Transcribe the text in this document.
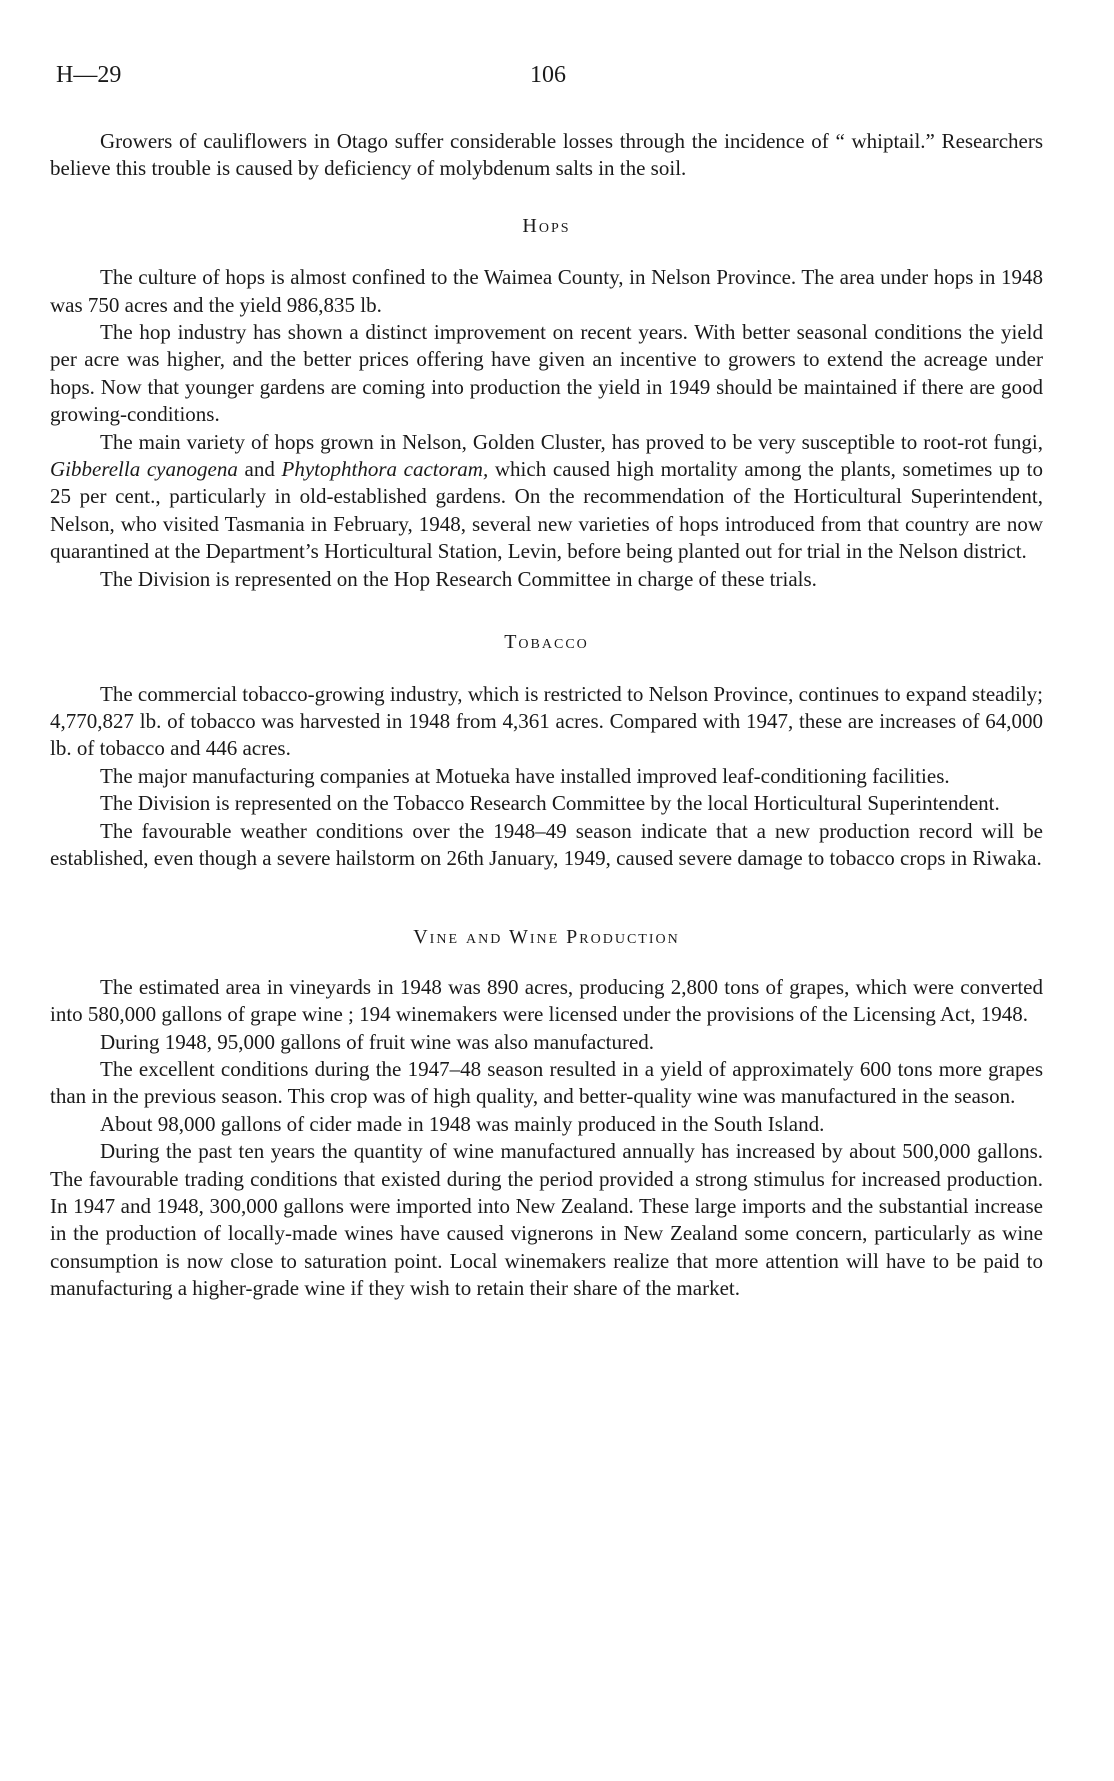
H—29	106

Growers of cauliflowers in Otago suffer considerable losses through the incidence of “ whiptail.” Researchers believe this trouble is caused by deficiency of molybdenum salts in the soil.

Hops

The culture of hops is almost confined to the Waimea County, in Nelson Province. The area under hops in 1948 was 750 acres and the yield 986,835 lb.

The hop industry has shown a distinct improvement on recent years. With better seasonal conditions the yield per acre was higher, and the better prices offering have given an incentive to growers to extend the acreage under hops. Now that younger gardens are coming into production the yield in 1949 should be maintained if there are good growing-conditions.

The main variety of hops grown in Nelson, Golden Cluster, has proved to be very susceptible to root-rot fungi, Gibberella cyanogena and Phytophthora cactoram, which caused high mortality among the plants, sometimes up to 25 per cent., particularly in old-established gardens. On the recommendation of the Horticultural Superintendent, Nelson, who visited Tasmania in February, 1948, several new varieties of hops introduced from that country are now quarantined at the Department’s Horticultural Station, Levin, before being planted out for trial in the Nelson district.

The Division is represented on the Hop Research Committee in charge of these trials.

Tobacco

The commercial tobacco-growing industry, which is restricted to Nelson Province, continues to expand steadily; 4,770,827 lb. of tobacco was harvested in 1948 from 4,361 acres. Compared with 1947, these are increases of 64,000 lb. of tobacco and 446 acres.

The major manufacturing companies at Motueka have installed improved leaf-conditioning facilities.

The Division is represented on the Tobacco Research Committee by the local Horticultural Superintendent.

The favourable weather conditions over the 1948–49 season indicate that a new production record will be established, even though a severe hailstorm on 26th January, 1949, caused severe damage to tobacco crops in Riwaka.

Vine and Wine Production

The estimated area in vineyards in 1948 was 890 acres, producing 2,800 tons of grapes, which were converted into 580,000 gallons of grape wine ; 194 winemakers were licensed under the provisions of the Licensing Act, 1948.

During 1948, 95,000 gallons of fruit wine was also manufactured.

The excellent conditions during the 1947–48 season resulted in a yield of approximately 600 tons more grapes than in the previous season. This crop was of high quality, and better-quality wine was manufactured in the season.

About 98,000 gallons of cider made in 1948 was mainly produced in the South Island.

During the past ten years the quantity of wine manufactured annually has increased by about 500,000 gallons. The favourable trading conditions that existed during the period provided a strong stimulus for increased production. In 1947 and 1948, 300,000 gallons were imported into New Zealand. These large imports and the substantial increase in the production of locally-made wines have caused vignerons in New Zealand some concern, particularly as wine consumption is now close to saturation point. Local winemakers realize that more attention will have to be paid to manufacturing a higher-grade wine if they wish to retain their share of the market.
